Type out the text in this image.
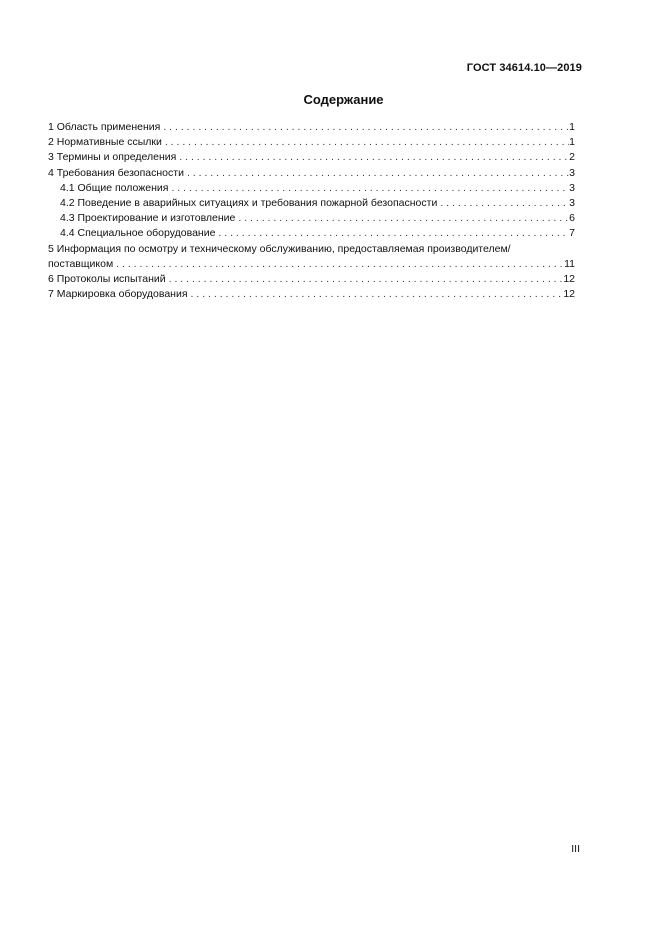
ГОСТ 34614.10—2019
Содержание
1 Область применения . . .	1
2 Нормативные ссылки . . .	1
3 Термины и определения . . .	2
4 Требования безопасности . . .	3
4.1 Общие положения . . .	3
4.2 Поведение в аварийных ситуациях и требования пожарной безопасности . . .	3
4.3 Проектирование и изготовление . . .	6
4.4 Специальное оборудование . . .	7
5 Информация по осмотру и техническому обслуживанию, предоставляемая производителем/
поставщиком . . .	11
6 Протоколы испытаний . . .	12
7 Маркировка оборудования . . .	12
III
